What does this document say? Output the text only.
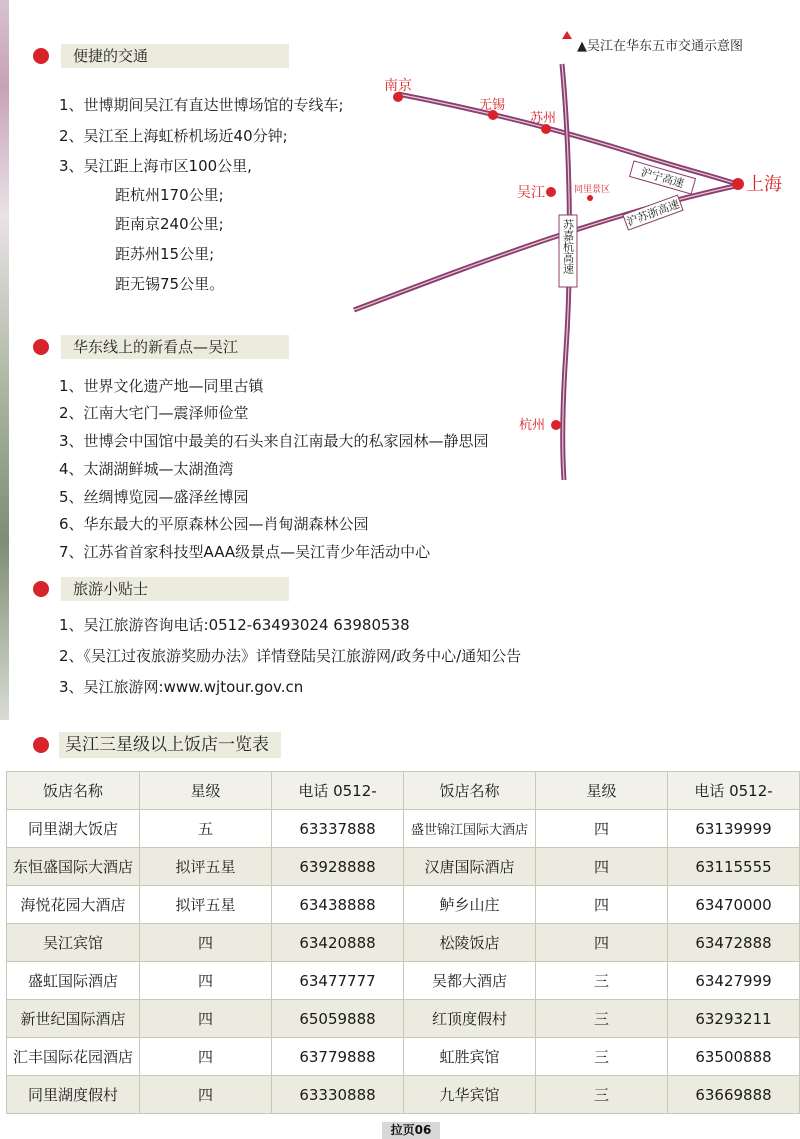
便捷的交通
1、世博期间吴江有直达世博场馆的专线车;
2、吴江至上海虹桥机场近40分钟;
3、吴江距上海市区100公里,
距杭州170公里;
距南京240公里;
距苏州15公里;
距无锡75公里。
▲吴江在华东五市交通示意图
沪宁高速
沪苏浙高速
苏嘉杭高速
南京
无锡
苏州
吴江	同里景区	上海
杭州
华东线上的新看点—吴江
1、世界文化遗产地—同里古镇
2、江南大宅门—震泽师俭堂
3、世博会中国馆中最美的石头来自江南最大的私家园林—静思园
4、太湖湖鲜城—太湖渔湾
5、丝绸博览园—盛泽丝博园
6、华东最大的平原森林公园—肖甸湖森林公园
7、江苏省首家科技型AAA级景点—吴江青少年活动中心
旅游小贴士
1、吴江旅游咨询电话:0512-63493024 63980538
2、《吴江过夜旅游奖励办法》详情登陆吴江旅游网/政务中心/通知公告
3、吴江旅游网:www.wjtour.gov.cn
吴江三星级以上饭店一览表
饭店名称	星级	电话 0512-	饭店名称	星级	电话 0512-
同里湖大饭店	五	63337888	盛世锦江国际大酒店	四	63139999
东恒盛国际大酒店	拟评五星	63928888	汉唐国际酒店	四	63115555
海悦花园大酒店	拟评五星	63438888	鲈乡山庄	四	63470000
吴江宾馆	四	63420888	松陵饭店	四	63472888
盛虹国际酒店	四	63477777	吴都大酒店	三	63427999
新世纪国际酒店	四	65059888	红顶度假村	三	63293211
汇丰国际花园酒店	四	63779888	虹胜宾馆	三	63500888
同里湖度假村	四	63330888	九华宾馆	三	63669888
拉页06
